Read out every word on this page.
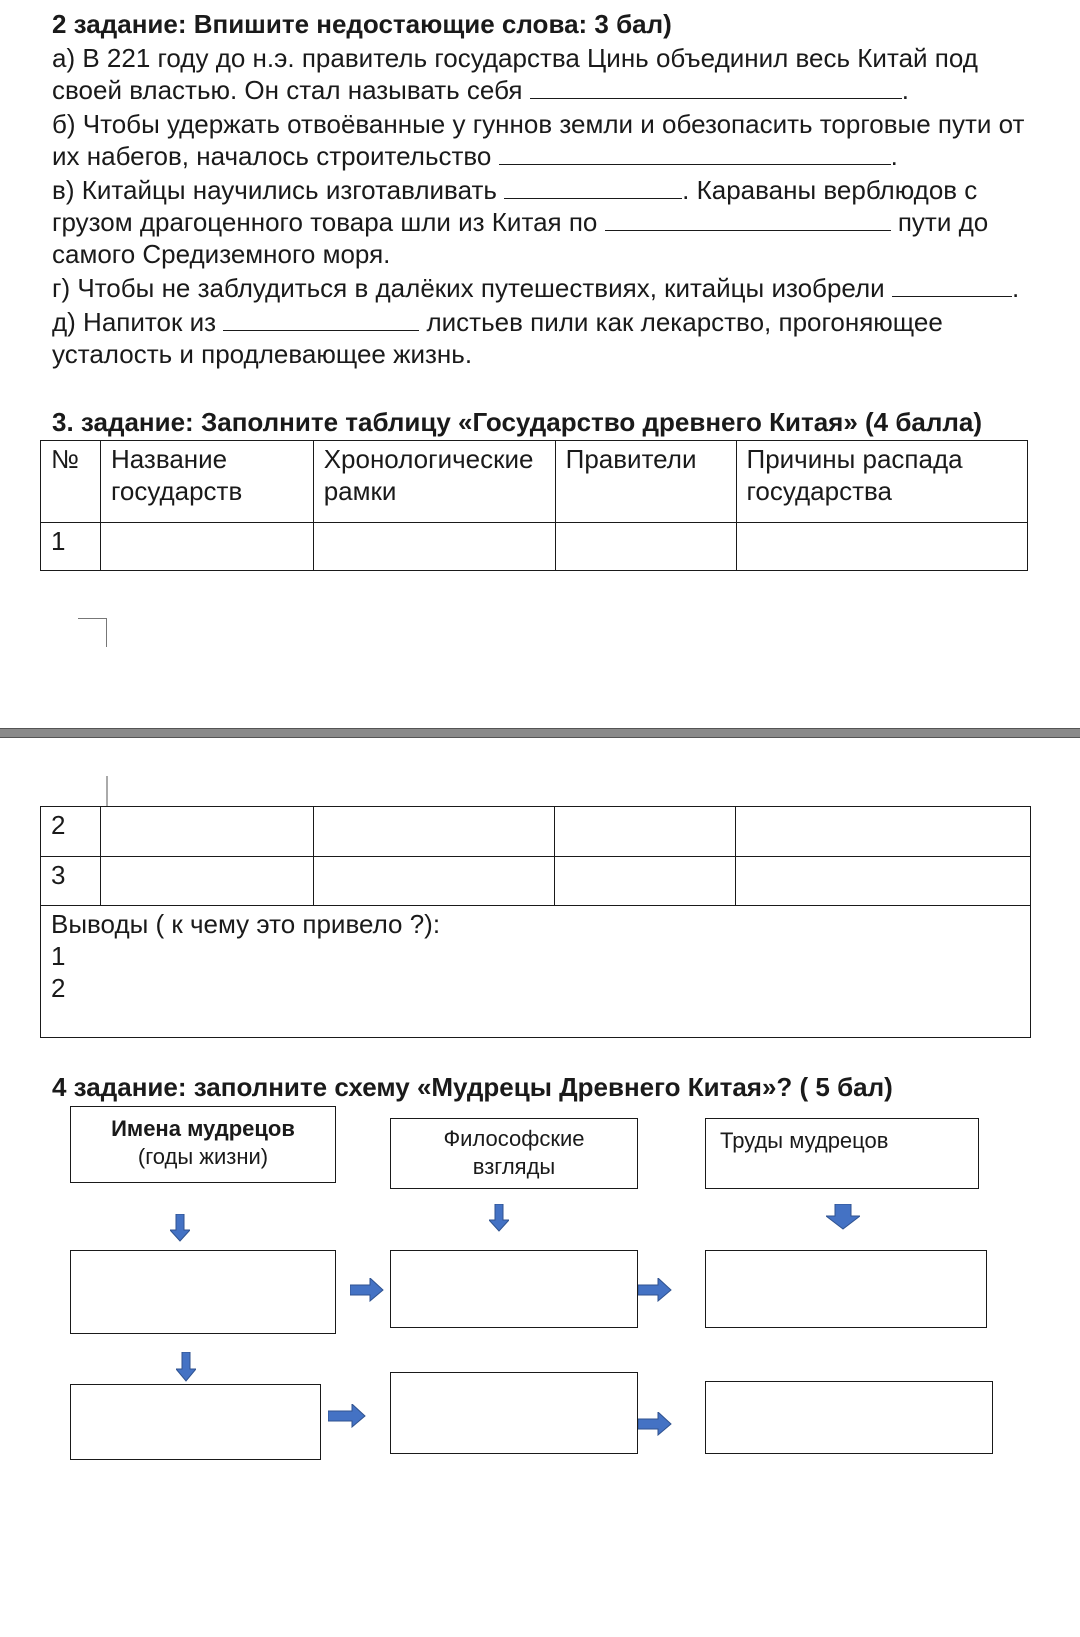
2 задание: Впишите недостающие слова: 3 бал)
а) В 221 году до н.э. правитель государства Цинь объединил весь Китай под
своей властью. Он стал называть себя	.
б) Чтобы удержать отвоёванные у гуннов земли и обезопасить торговые пути от
их набегов, началось строительство	.
в) Китайцы научились изготавливать	. Караваны верблюдов с
грузом драгоценного товара шли из Китая по	пути до
самого Средиземного моря.
г) Чтобы не заблудиться в далёких путешествиях, китайцы изобрели	.
д) Напиток из	листьев пили как лекарство, прогоняющее
усталость и продлевающее жизнь.
3. задание: Заполните таблицу «Государство древнего Китая» (4 балла)
№	Название государств	Хронологические рамки	Правители	Причины распада государства
1				
2				
3				

Выводы ( к чему это привело ?):
1
2				
4 задание: заполните схему «Мудрецы Древнего Китая»? ( 5 бал)
Имена мудрецов
(годы жизни)
Философские взгляды
Труды мудрецов
